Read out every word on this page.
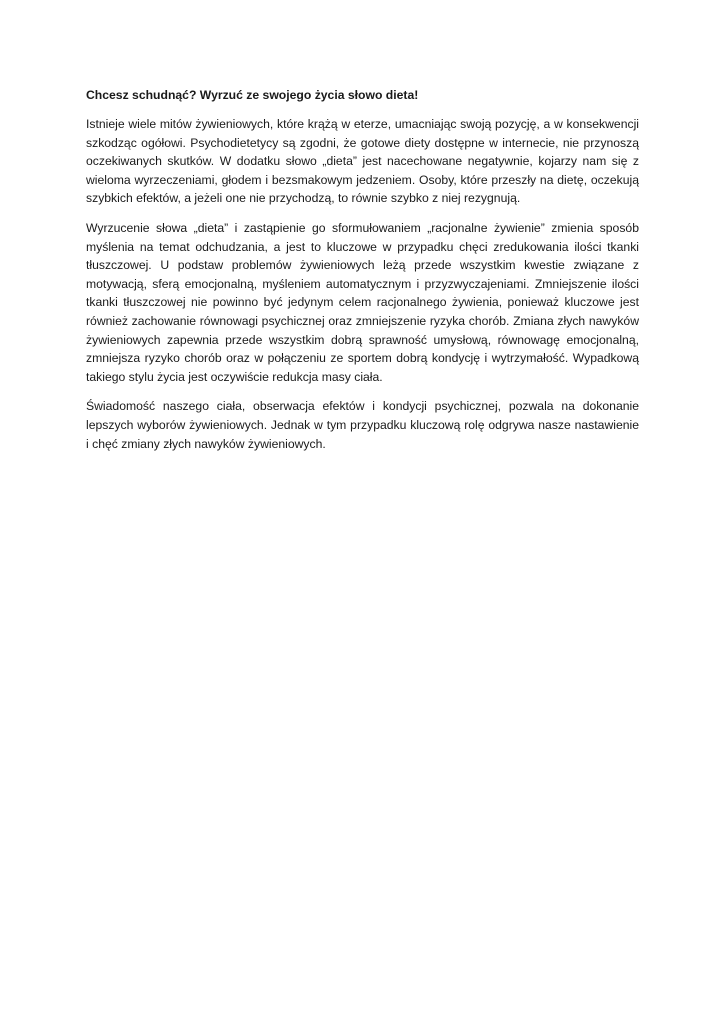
Chcesz schudnąć? Wyrzuć ze swojego życia słowo dieta!

Istnieje wiele mitów żywieniowych, które krążą w eterze, umacniając swoją pozycję, a w konsekwencji szkodząc ogółowi. Psychodietetycy są zgodni, że gotowe diety dostępne w internecie, nie przynoszą oczekiwanych skutków. W dodatku słowo „dieta” jest nacechowane negatywnie, kojarzy nam się z wieloma wyrzeczeniami, głodem i bezsmakowym jedzeniem. Osoby, które przeszły na dietę, oczekują szybkich efektów, a jeżeli one nie przychodzą, to równie szybko z niej rezygnują.

Wyrzucenie słowa „dieta” i zastąpienie go sformułowaniem „racjonalne żywienie” zmienia sposób myślenia na temat odchudzania, a jest to kluczowe w przypadku chęci zredukowania ilości tkanki tłuszczowej. U podstaw problemów żywieniowych leżą przede wszystkim kwestie związane z motywacją, sferą emocjonalną, myśleniem automatycznym i przyzwyczajeniami. Zmniejszenie ilości tkanki tłuszczowej nie powinno być jedynym celem racjonalnego żywienia, ponieważ kluczowe jest również zachowanie równowagi psychicznej oraz zmniejszenie ryzyka chorób. Zmiana złych nawyków żywieniowych zapewnia przede wszystkim dobrą sprawność umysłową, równowagę emocjonalną, zmniejsza ryzyko chorób oraz w połączeniu ze sportem dobrą kondycję i wytrzymałość. Wypadkową takiego stylu życia jest oczywiście redukcja masy ciała.

Świadomość naszego ciała, obserwacja efektów i kondycji psychicznej, pozwala na dokonanie lepszych wyborów żywieniowych. Jednak w tym przypadku kluczową rolę odgrywa nasze nastawienie i chęć zmiany złych nawyków żywieniowych.
